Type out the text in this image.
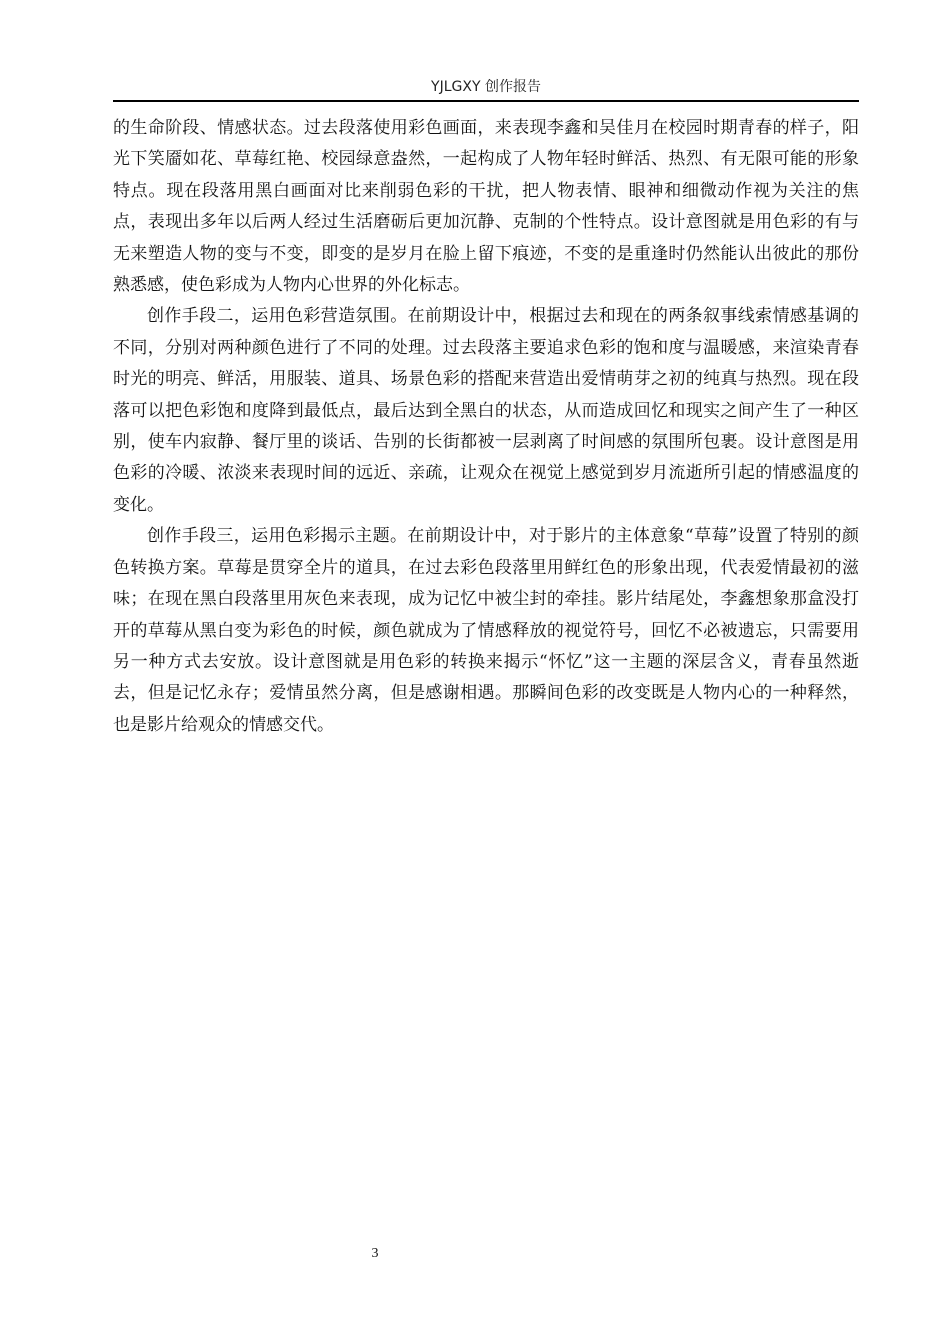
YJLGXY 创作报告

的生命阶段、情感状态。过去段落使用彩色画面，来表现李鑫和吴佳月在校园时期青春的样子，阳光下笑靥如花、草莓红艳、校园绿意盎然，一起构成了人物年轻时鲜活、热烈、有无限可能的形象特点。现在段落用黑白画面对比来削弱色彩的干扰，把人物表情、眼神和细微动作视为关注的焦点，表现出多年以后两人经过生活磨砺后更加沉静、克制的个性特点。设计意图就是用色彩的有与无来塑造人物的变与不变，即变的是岁月在脸上留下痕迹，不变的是重逢时仍然能认出彼此的那份熟悉感，使色彩成为人物内心世界的外化标志。

创作手段二，运用色彩营造氛围。在前期设计中，根据过去和现在的两条叙事线索情感基调的不同，分别对两种颜色进行了不同的处理。过去段落主要追求色彩的饱和度与温暖感，来渲染青春时光的明亮、鲜活，用服装、道具、场景色彩的搭配来营造出爱情萌芽之初的纯真与热烈。现在段落可以把色彩饱和度降到最低点，最后达到全黑白的状态，从而造成回忆和现实之间产生了一种区别，使车内寂静、餐厅里的谈话、告别的长街都被一层剥离了时间感的氛围所包裹。设计意图是用色彩的冷暖、浓淡来表现时间的远近、亲疏，让观众在视觉上感觉到岁月流逝所引起的情感温度的变化。

创作手段三，运用色彩揭示主题。在前期设计中，对于影片的主体意象“草莓”设置了特别的颜色转换方案。草莓是贯穿全片的道具，在过去彩色段落里用鲜红色的形象出现，代表爱情最初的滋味；在现在黑白段落里用灰色来表现，成为记忆中被尘封的牵挂。影片结尾处，李鑫想象那盒没打开的草莓从黑白变为彩色的时候，颜色就成为了情感释放的视觉符号，回忆不必被遗忘，只需要用另一种方式去安放。设计意图就是用色彩的转换来揭示“怀忆”这一主题的深层含义，青春虽然逝去，但是记忆永存；爱情虽然分离，但是感谢相遇。那瞬间色彩的改变既是人物内心的一种释然，也是影片给观众的情感交代。

3
